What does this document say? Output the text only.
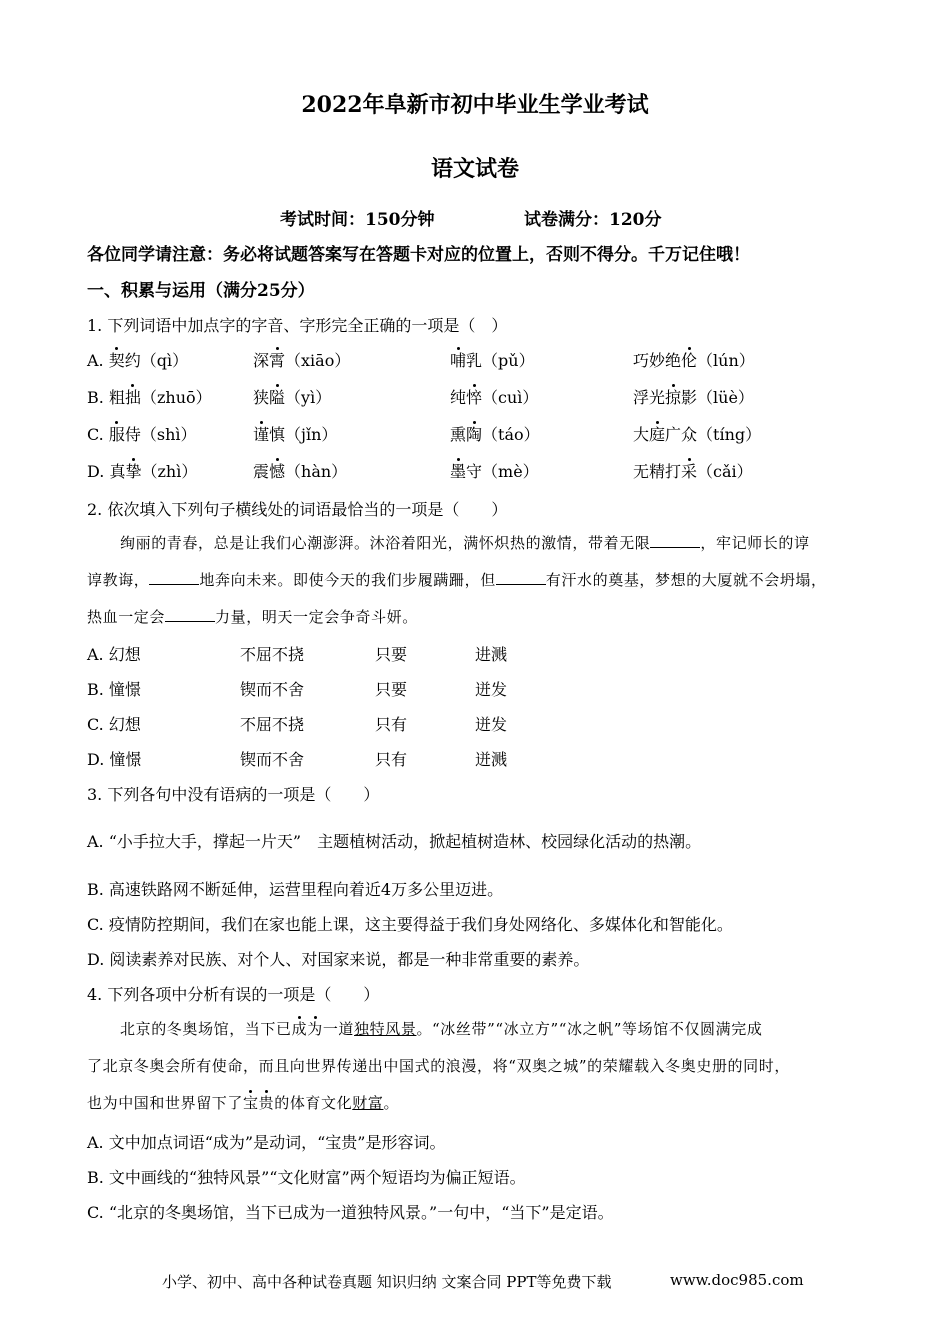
2022年阜新市初中毕业生学业考试
语文试卷
考试时间：150分钟	试卷满分：120分
各位同学请注意：务必将试题答案写在答题卡对应的位置上，否则不得分。千万记住哦！
一、积累与运用（满分25分）
1. 下列词语中加点字的字音、字形完全正确的一项是（　）
A. 契约（qì）	深霄（xiāo）	哺乳（pǔ）	巧妙绝伦（lún）
B. 粗拙（zhuō）	狭隘（yì）	纯悴（cuì）	浮光掠影（lüè）
C. 服侍（shì）	谨慎（jǐn）	熏陶（táo）	大庭广众（tíng）
D. 真挚（zhì）	震憾（hàn）	墨守（mè）	无精打采（cǎi）
2. 依次填入下列句子横线处的词语最恰当的一项是（　　）
绚丽的青春，总是让我们心潮澎湃。沐浴着阳光，满怀炽热的激情，带着无限	，牢记师长的谆
谆教诲，	地奔向未来。即使今天的我们步履蹒跚，但	有汗水的奠基，梦想的大厦就不会坍塌，
热血一定会	力量，明天一定会争奇斗妍。
A. 幻想	不屈不挠	只要	进溅
B. 憧憬	锲而不舍	只要	迸发
C. 幻想	不屈不挠	只有	迸发
D. 憧憬	锲而不舍	只有	迸溅
3. 下列各句中没有语病的一项是（　　）
A. “小手拉大手，撑起一片天”　主题植树活动，掀起植树造林、校园绿化活动的热潮。
B. 高速铁路网不断延伸，运营里程向着近4万多公里迈进。
C. 疫情防控期间，我们在家也能上课，这主要得益于我们身处网络化、多媒体化和智能化。
D. 阅读素养对民族、对个人、对国家来说，都是一种非常重要的素养。
4. 下列各项中分析有误的一项是（　　）
北京的冬奥场馆，当下已成为一道独特风景。“冰丝带”“冰立方”“冰之帆”等场馆不仅圆满完成
了北京冬奥会所有使命，而且向世界传递出中国式的浪漫，将“双奥之城”的荣耀载入冬奥史册的同时，
也为中国和世界留下了宝贵的体育文化财富。
A. 文中加点词语“成为”是动词，“宝贵”是形容词。
B. 文中画线的“独特风景”“文化财富”两个短语均为偏正短语。
C. “北京的冬奥场馆，当下已成为一道独特风景。”一句中，“当下”是定语。
小学、初中、高中各种试卷真题 知识归纳 文案合同 PPT等免费下载	www.doc985.com
